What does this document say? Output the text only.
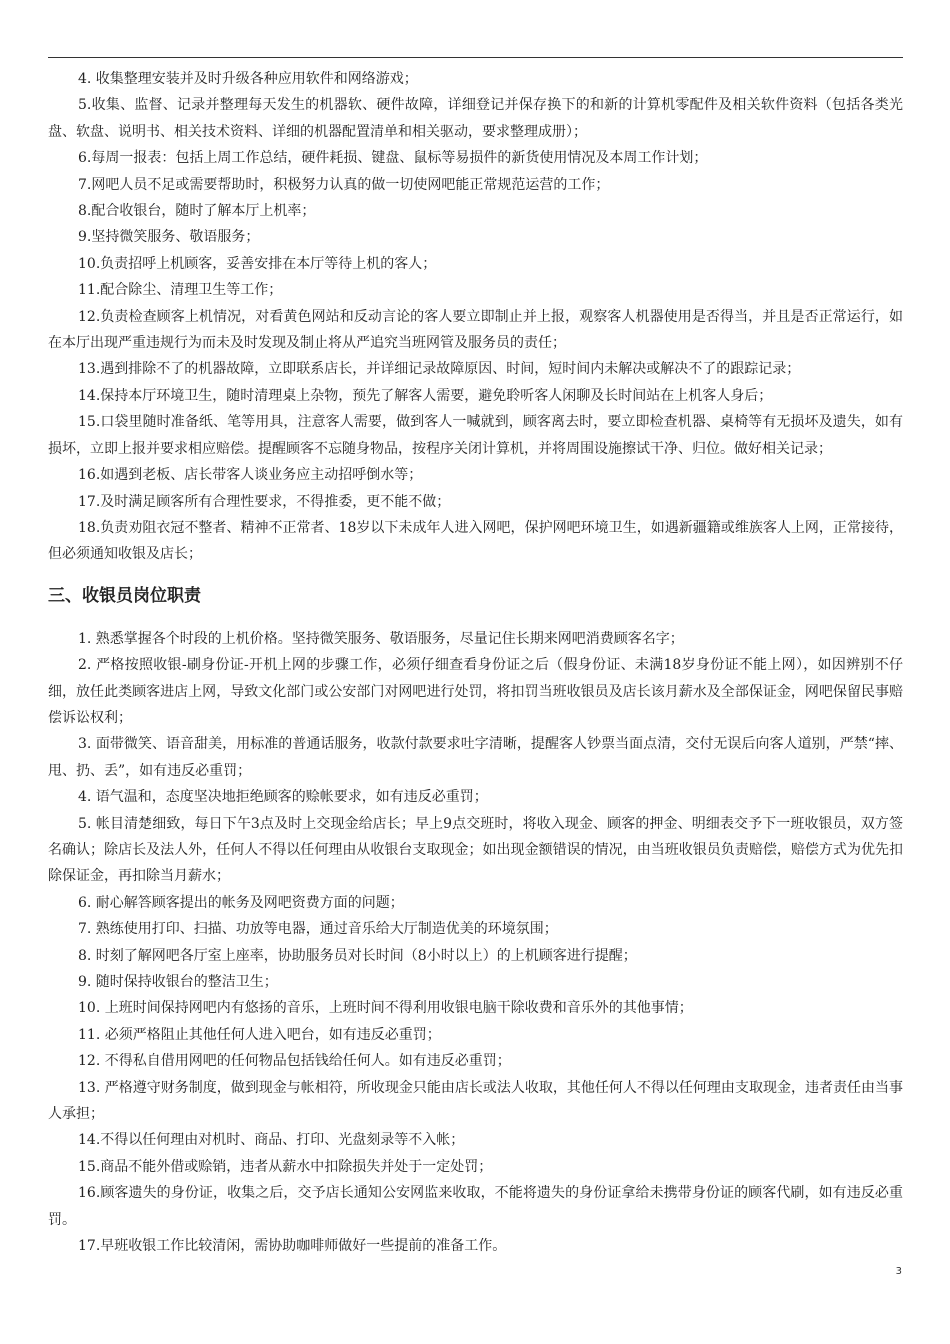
4. 收集整理安装并及时升级各种应用软件和网络游戏；

5.收集、监督、记录并整理每天发生的机器软、硬件故障，详细登记并保存换下的和新的计算机零配件及相关软件资料（包括各类光盘、软盘、说明书、相关技术资料、详细的机器配置清单和相关驱动，要求整理成册）；

6.每周一报表：包括上周工作总结，硬件耗损、键盘、鼠标等易损件的新货使用情况及本周工作计划；

7.网吧人员不足或需要帮助时，积极努力认真的做一切使网吧能正常规范运营的工作；

8.配合收银台，随时了解本厅上机率；

9.坚持微笑服务、敬语服务；

10.负责招呼上机顾客，妥善安排在本厅等待上机的客人；

11.配合除尘、清理卫生等工作；

12.负责检查顾客上机情况，对看黄色网站和反动言论的客人要立即制止并上报，观察客人机器使用是否得当，并且是否正常运行，如在本厅出现严重违规行为而未及时发现及制止将从严追究当班网管及服务员的责任；

13.遇到排除不了的机器故障，立即联系店长，并详细记录故障原因、时间，短时间内未解决或解决不了的跟踪记录；

14.保持本厅环境卫生，随时清理桌上杂物，预先了解客人需要，避免聆听客人闲聊及长时间站在上机客人身后；

15.口袋里随时准备纸、笔等用具，注意客人需要，做到客人一喊就到，顾客离去时，要立即检查机器、桌椅等有无损坏及遗失，如有损坏，立即上报并要求相应赔偿。提醒顾客不忘随身物品，按程序关闭计算机，并将周围设施擦试干净、归位。做好相关记录；

16.如遇到老板、店长带客人谈业务应主动招呼倒水等；

17.及时满足顾客所有合理性要求，不得推委，更不能不做；

18.负责劝阻衣冠不整者、精神不正常者、18岁以下未成年人进入网吧，保护网吧环境卫生，如遇新疆籍或维族客人上网，正常接待，但必须通知收银及店长；

三、收银员岗位职责

1. 熟悉掌握各个时段的上机价格。坚持微笑服务、敬语服务，尽量记住长期来网吧消费顾客名字；

2. 严格按照收银-刷身份证-开机上网的步骤工作，必须仔细查看身份证之后（假身份证、未满18岁身份证不能上网），如因辨别不仔细，放任此类顾客进店上网，导致文化部门或公安部门对网吧进行处罚，将扣罚当班收银员及店长该月薪水及全部保证金，网吧保留民事赔偿诉讼权利；

3. 面带微笑、语音甜美，用标准的普通话服务，收款付款要求吐字清晰，提醒客人钞票当面点清，交付无误后向客人道别，严禁“摔、甩、扔、丢”，如有违反必重罚；

4. 语气温和，态度坚决地拒绝顾客的赊帐要求，如有违反必重罚；

5. 帐目清楚细致，每日下午3点及时上交现金给店长；早上9点交班时，将收入现金、顾客的押金、明细表交予下一班收银员，双方签名确认；除店长及法人外，任何人不得以任何理由从收银台支取现金；如出现金额错误的情况，由当班收银员负责赔偿，赔偿方式为优先扣除保证金，再扣除当月薪水；

6. 耐心解答顾客提出的帐务及网吧资费方面的问题；

7. 熟练使用打印、扫描、功放等电器，通过音乐给大厅制造优美的环境氛围；

8. 时刻了解网吧各厅室上座率，协助服务员对长时间（8小时以上）的上机顾客进行提醒；

9. 随时保持收银台的整洁卫生；

10. 上班时间保持网吧内有悠扬的音乐，上班时间不得利用收银电脑干除收费和音乐外的其他事情；

11. 必须严格阻止其他任何人进入吧台，如有违反必重罚；

12. 不得私自借用网吧的任何物品包括钱给任何人。如有违反必重罚；

13. 严格遵守财务制度，做到现金与帐相符，所收现金只能由店长或法人收取，其他任何人不得以任何理由支取现金，违者责任由当事人承担；

14.不得以任何理由对机时、商品、打印、光盘刻录等不入帐；

15.商品不能外借或赊销，违者从薪水中扣除损失并处于一定处罚；

16.顾客遗失的身份证，收集之后，交予店长通知公安网监来收取，不能将遗失的身份证拿给未携带身份证的顾客代刷，如有违反必重罚。

17.早班收银工作比较清闲，需协助咖啡师做好一些提前的准备工作。

3
